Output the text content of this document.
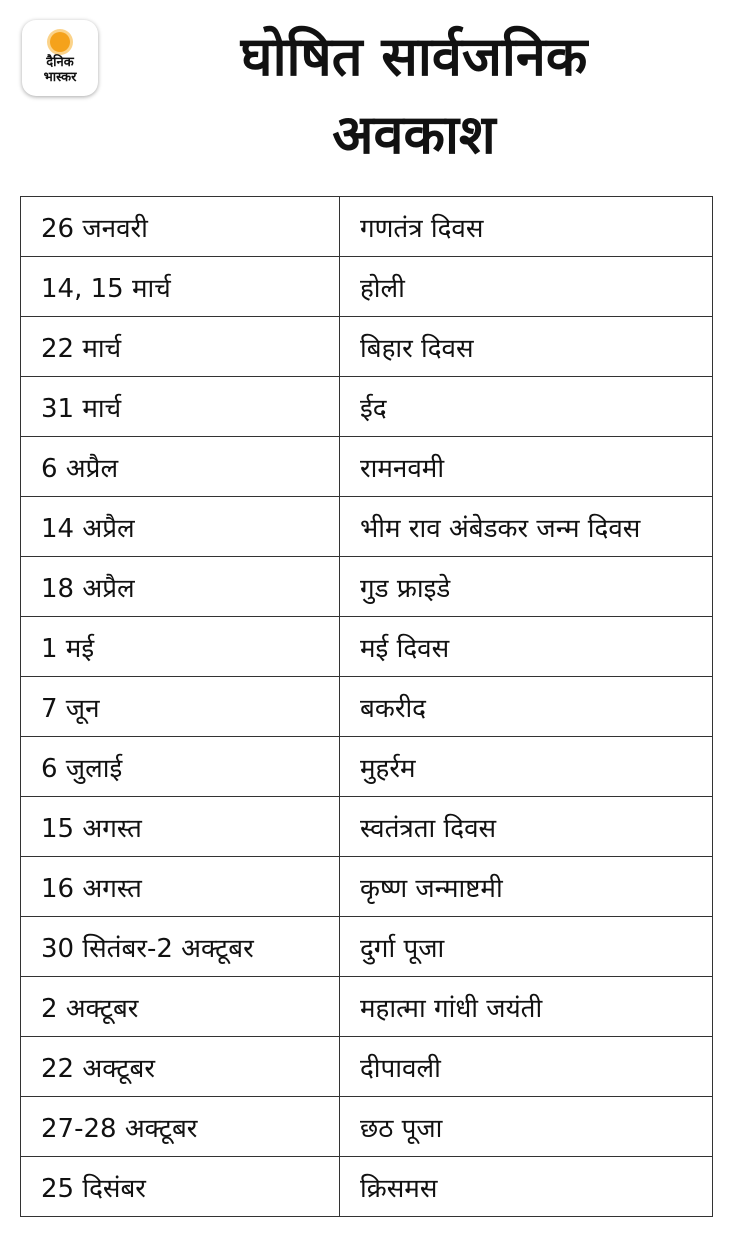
दैनिक
भास्कर	घोषित सार्वजनिक
अवकाश
26 जनवरी	गणतंत्र दिवस
14, 15 मार्च	होली
22 मार्च	बिहार दिवस
31 मार्च	ईद
6 अप्रैल	रामनवमी
14 अप्रैल	भीम राव अंबेडकर जन्म दिवस
18 अप्रैल	गुड फ्राइडे
1 मई	मई दिवस
7 जून	बकरीद
6 जुलाई	मुहर्रम
15 अगस्त	स्वतंत्रता दिवस
16 अगस्त	कृष्ण जन्माष्टमी
30 सितंबर-2 अक्टूबर	दुर्गा पूजा
2 अक्टूबर	महात्मा गांधी जयंती
22 अक्टूबर	दीपावली
27-28 अक्टूबर	छठ पूजा
25 दिसंबर	क्रिसमस
